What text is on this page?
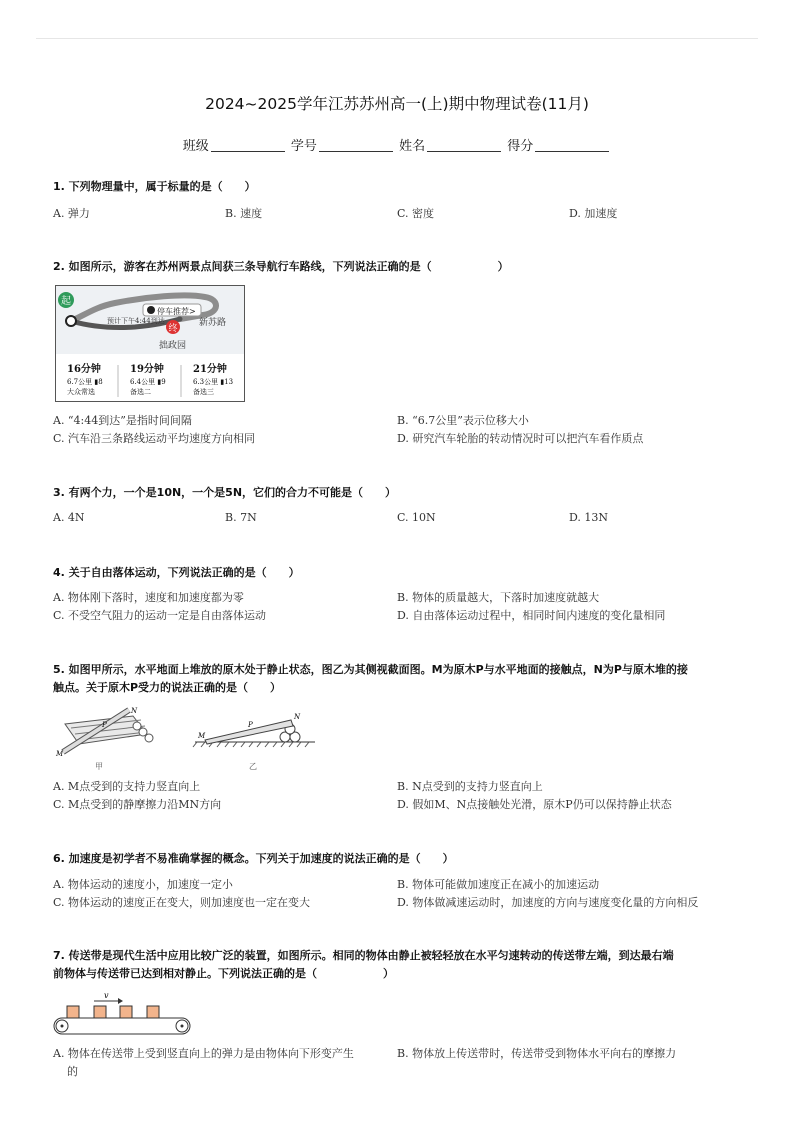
2024~2025学年江苏苏州高一(上)期中物理试卷(11月)
班级	学号	姓名	得分
1. 下列物理量中，属于标量的是（　　）
A. 弹力	B. 速度	C. 密度	D. 加速度
2. 如图所示，游客在苏州两景点间获三条导航行车路线，下列说法正确的是（　　　　　　）
起
终
停车推荐>
预计下午4:44到达	新苏路
拙政园
16分钟
6.7公里 ▮8
大众常选
19分钟
6.4公里 ▮9
备选二
21分钟
6.3公里 ▮13
备选三
A. “4:44到达”是指时间间隔	B. “6.7公里”表示位移大小
C. 汽车沿三条路线运动平均速度方向相同	D. 研究汽车轮胎的转动情况时可以把汽车看作质点
3. 有两个力，一个是10N，一个是5N，它们的合力不可能是（　　）
A. 4N	B. 7N	C. 10N	D. 13N
4. 关于自由落体运动，下列说法正确的是（　　）
A. 物体刚下落时，速度和加速度都为零	B. 物体的质量越大，下落时加速度就越大
C. 不受空气阻力的运动一定是自由落体运动	D. 自由落体运动过程中，相同时间内速度的变化量相同
5. 如图甲所示，水平地面上堆放的原木处于静止状态，图乙为其侧视截面图。M为原木P与水平地面的接触点，N为P与原木堆的接
触点。关于原木P受力的说法正确的是（　　）
N
P
M
甲
P
N
M
乙
A. M点受到的支持力竖直向上	B. N点受到的支持力竖直向上
C. M点受到的静摩擦力沿MN方向	D. 假如M、N点接触处光滑，原木P仍可以保持静止状态
6. 加速度是初学者不易准确掌握的概念。下列关于加速度的说法正确的是（　　）
A. 物体运动的速度小，加速度一定小	B. 物体可能做加速度正在减小的加速运动
C. 物体运动的速度正在变大，则加速度也一定在变大	D. 物体做减速运动时，加速度的方向与速度变化量的方向相反
7. 传送带是现代生活中应用比较广泛的装置，如图所示。相同的物体由静止被轻轻放在水平匀速转动的传送带左端，到达最右端
前物体与传送带已达到相对静止。下列说法正确的是（　　　　　　）
v
A. 物体在传送带上受到竖直向上的弹力是由物体向下形变产生	B. 物体放上传送带时，传送带受到物体水平向右的摩擦力
的
